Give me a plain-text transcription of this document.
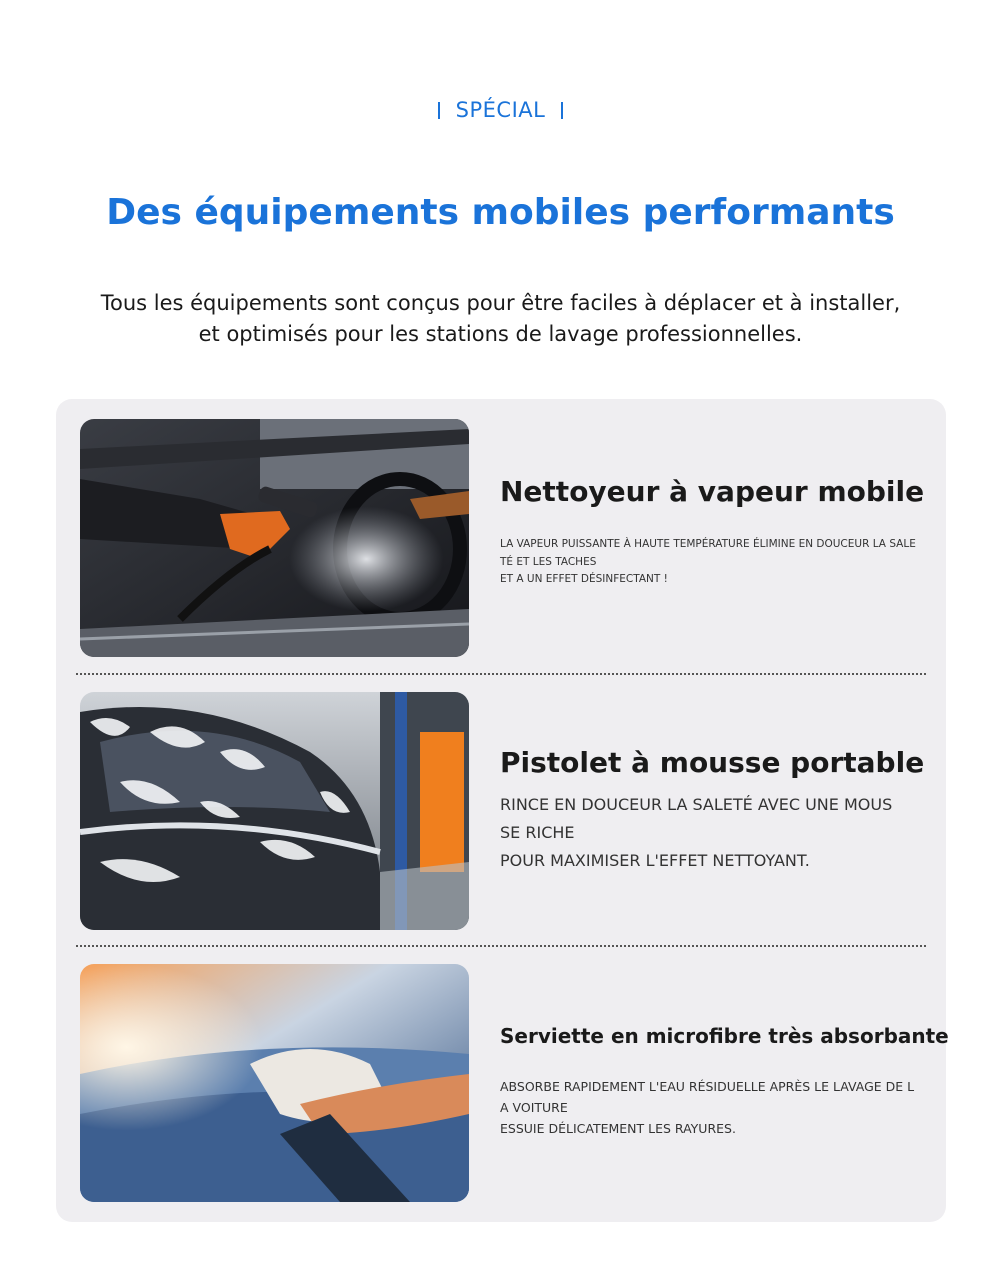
SPÉCIAL
Des équipements mobiles performants

Tous les équipements sont conçus pour être faciles à déplacer et à installer,
et optimisés pour les stations de lavage professionnelles.

Nettoyeur à vapeur mobile

LA VAPEUR PUISSANTE À HAUTE TEMPÉRATURE ÉLIMINE EN DOUCEUR LA SALE
TÉ ET LES TACHES
ET A UN EFFET DÉSINFECTANT !

Pistolet à mousse portable

RINCE EN DOUCEUR LA SALETÉ AVEC UNE MOUS
SE RICHE
POUR MAXIMISER L'EFFET NETTOYANT.

Serviette en microfibre très absorbante

ABSORBE RAPIDEMENT L'EAU RÉSIDUELLE APRÈS LE LAVAGE DE L
A VOITURE
ESSUIE DÉLICATEMENT LES RAYURES.
